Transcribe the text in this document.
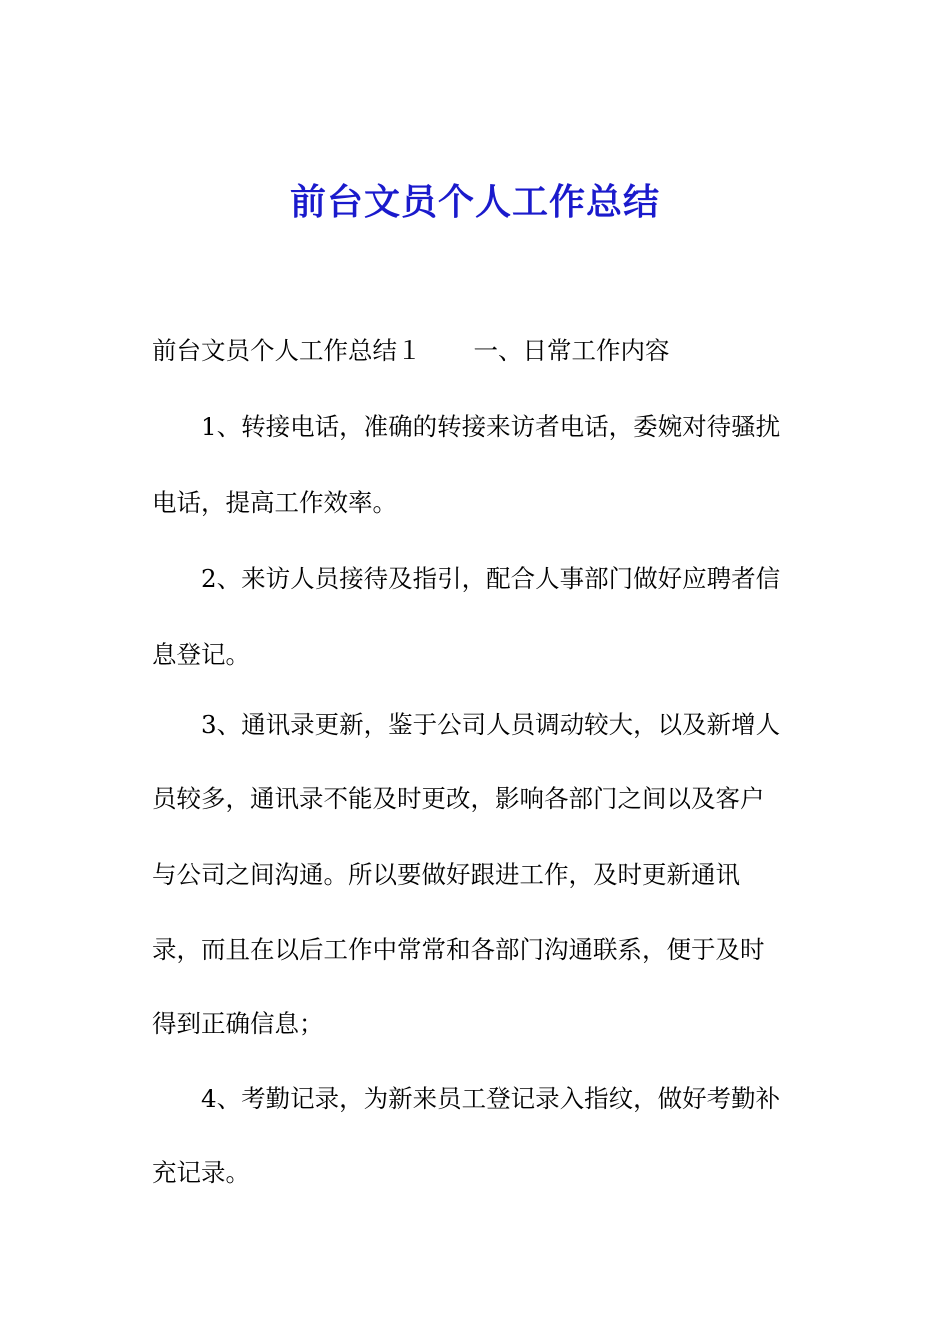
前台文员个人工作总结
前台文员个人工作总结１ 一、日常工作内容
1、转接电话，准确的转接来访者电话，委婉对待骚扰
电话，提高工作效率。
2、来访人员接待及指引，配合人事部门做好应聘者信
息登记。
3、通讯录更新，鉴于公司人员调动较大，以及新增人
员较多，通讯录不能及时更改，影响各部门之间以及客户
与公司之间沟通。所以要做好跟进工作，及时更新通讯
录，而且在以后工作中常常和各部门沟通联系，便于及时
得到正确信息；
4、考勤记录，为新来员工登记录入指纹，做好考勤补
充记录。
